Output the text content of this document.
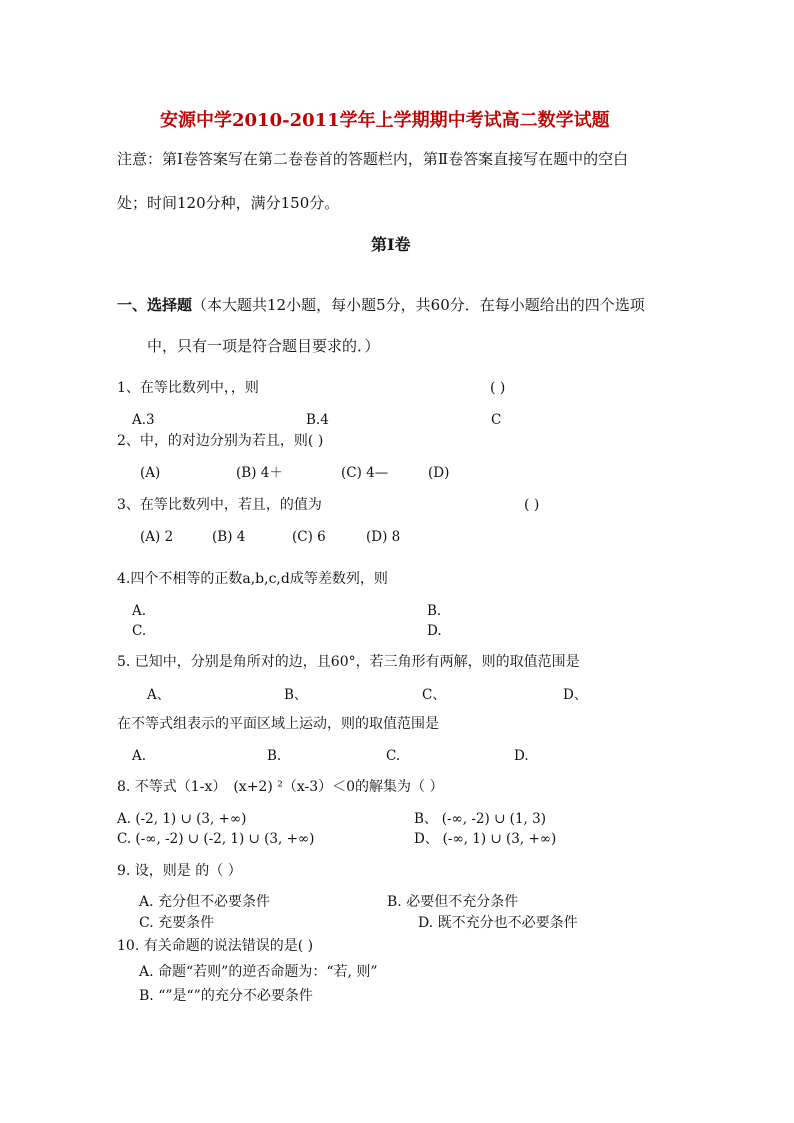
安源中学2010-2011学年上学期期中考试高二数学试题
注意：第Ⅰ卷答案写在第二卷卷首的答题栏内，第Ⅱ卷答案直接写在题中的空白
处；时间120分种，满分150分。
第Ⅰ卷
一、选择题（本大题共12小题，每小题5分，共60分．在每小题给出的四个选项
中，只有一项是符合题目要求的．）
1、在等比数列中，，则	( )
A.3	B.4	C
2、中，的对边分别为若且，则( )
(A)	(B) 4＋	(C) 4—	(D)
3、在等比数列中，若且，的值为	( )
(A) 2	(B) 4	(C) 6	(D) 8
4.四个不相等的正数a,b,c,d成等差数列，则
A.	B.
C.	D.
5. 已知中，分别是角所对的边，且60°，若三角形有两解，则的取值范围是
A、	B、	C、	D、
在不等式组表示的平面区域上运动，则的取值范围是
A.	B.	C.	D.
8. 不等式（1-x）　(x+2) ²（x-3）＜0的解集为（ ）
A. (-2, 1) ∪ (3, +∞)	B、 (-∞, -2) ∪ (1, 3)
C. (-∞, -2) ∪ (-2, 1) ∪ (3, +∞)	D、 (-∞, 1) ∪ (3, +∞)
9. 设，则是 的（ ）
A. 充分但不必要条件	B. 必要但不充分条件
C. 充要条件	D. 既不充分也不必要条件
10. 有关命题的说法错误的是( )
A. 命题“若则”的逆否命题为：“若, 则”
B. “”是“”的充分不必要条件
